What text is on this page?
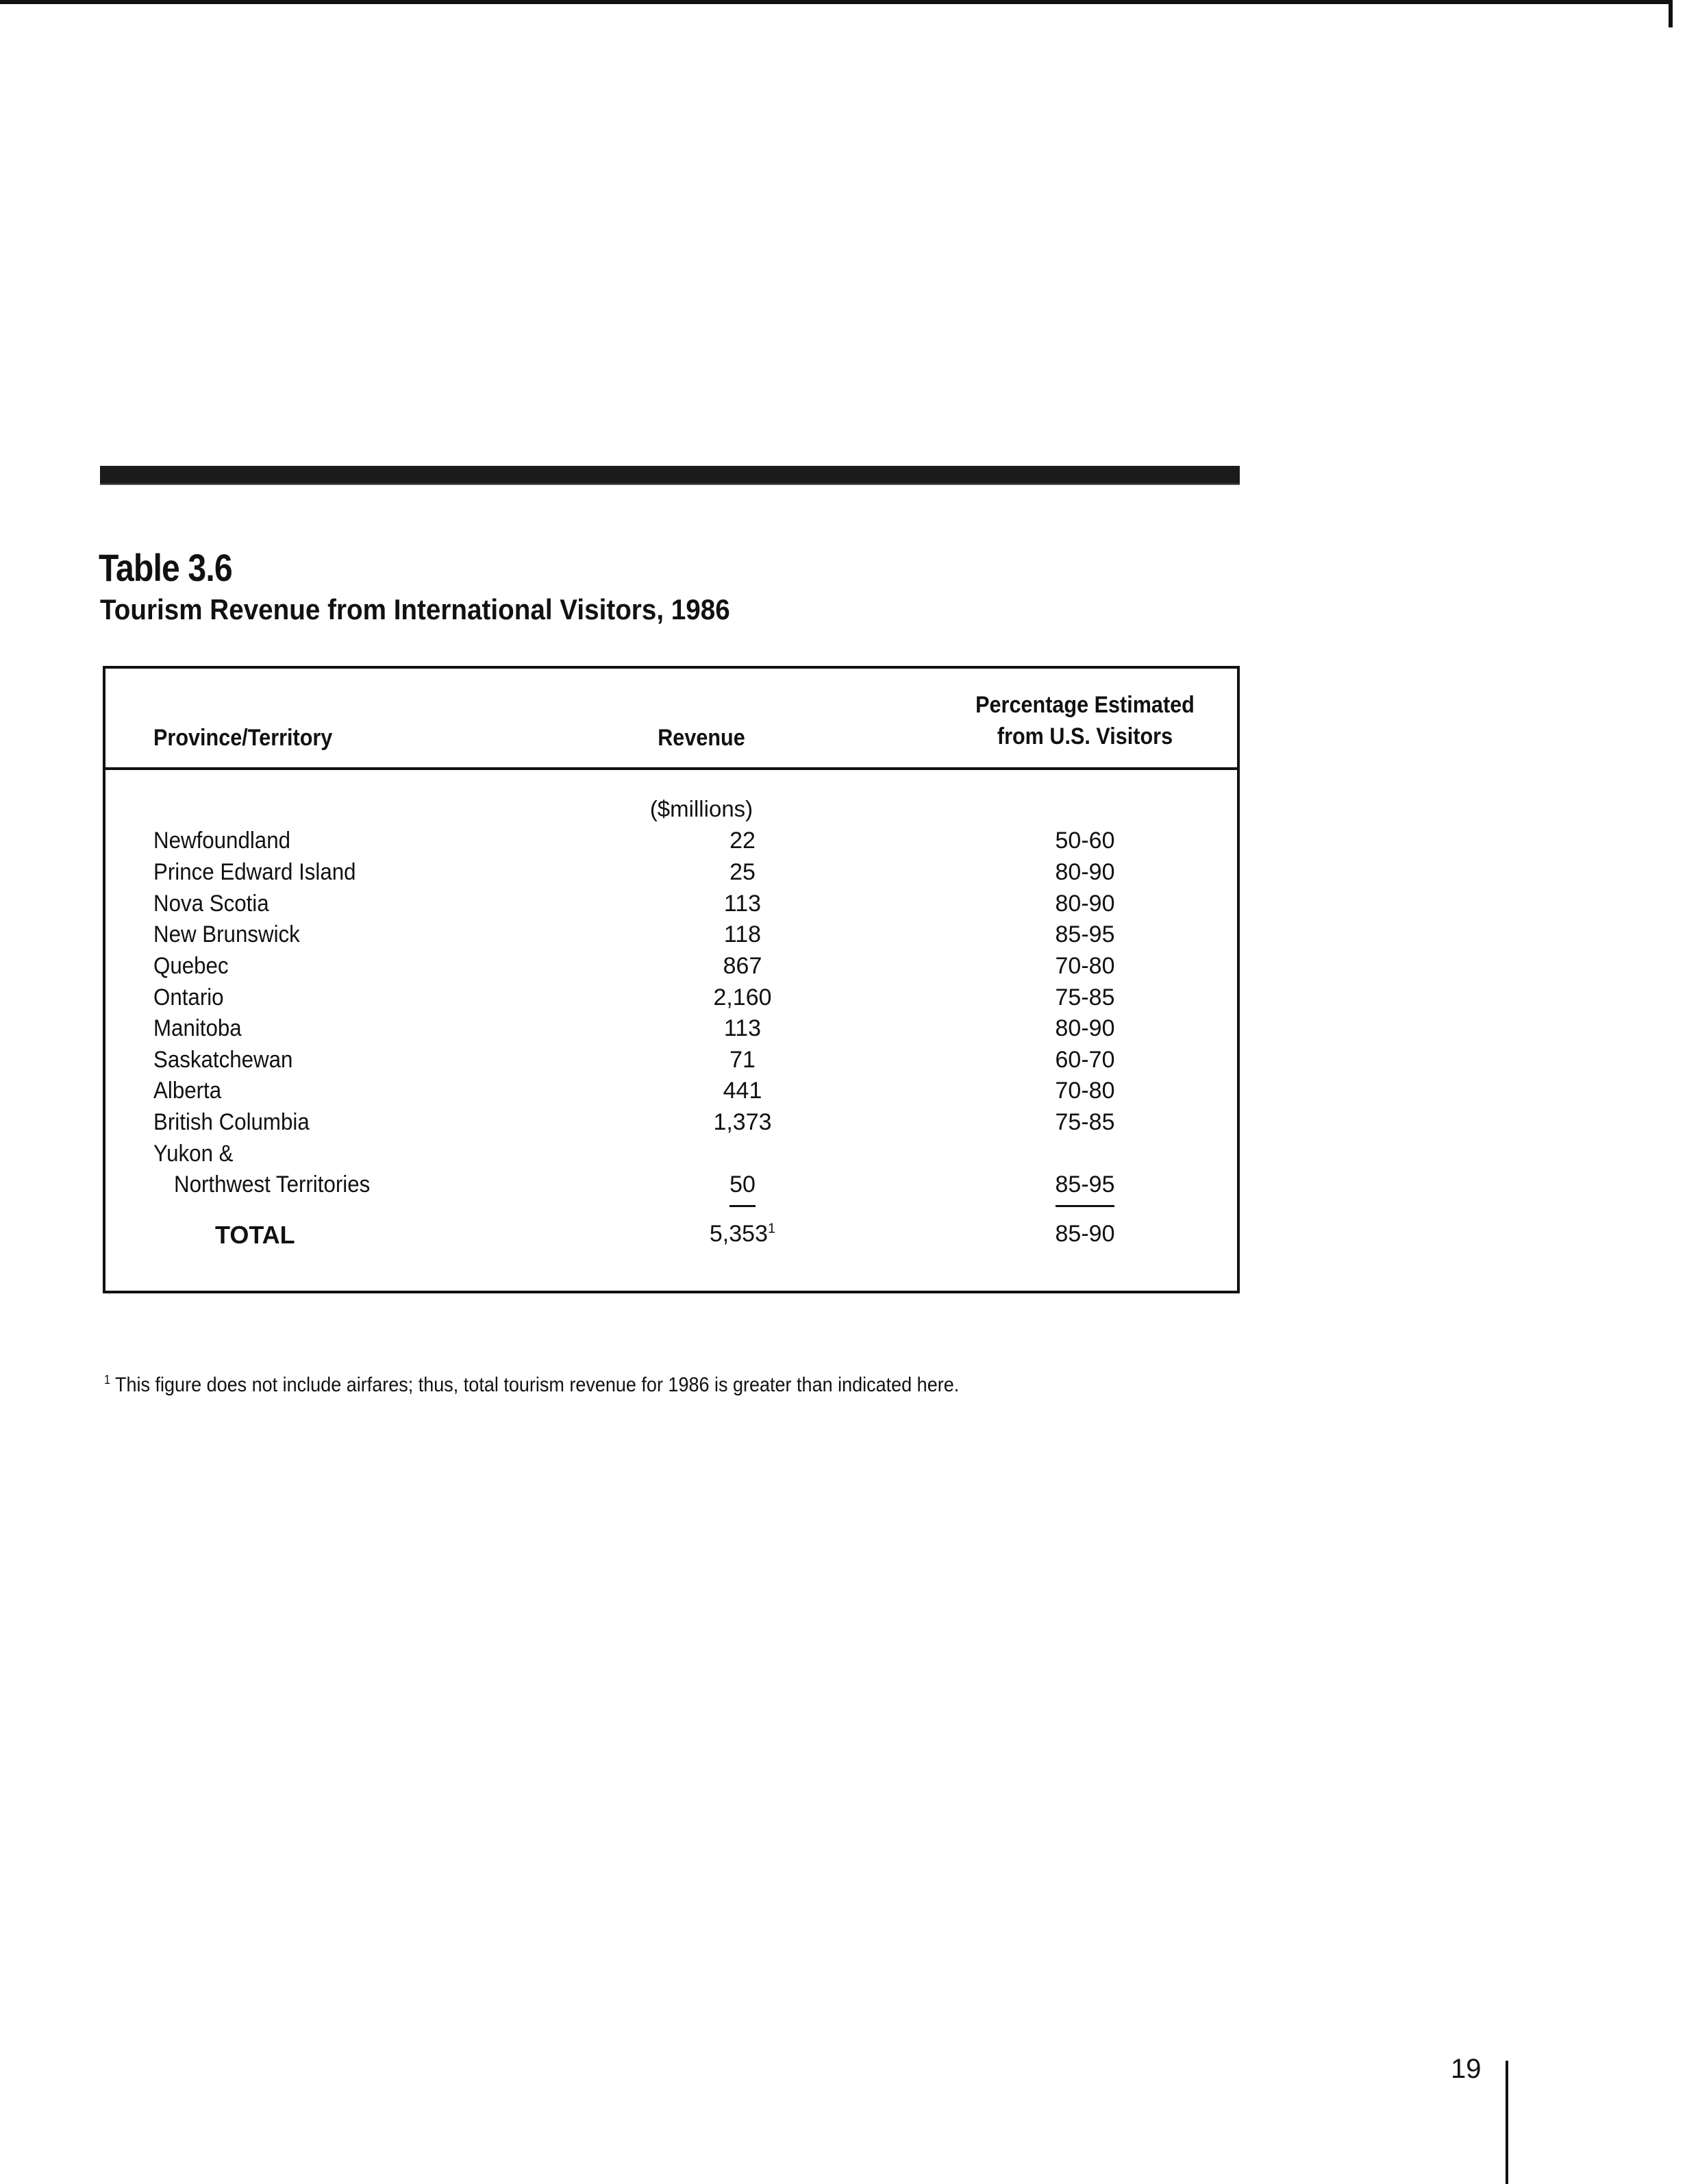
Table 3.6
Tourism Revenue from International Visitors, 1986
Province/Territory	Revenue
Percentage Estimated
from U.S. Visitors
($millions)
Newfoundland	22	50-60
Prince Edward Island	25	80-90
Nova Scotia	113	80-90
New Brunswick	118	85-95
Quebec	867	70-80
Ontario	2,160	75-85
Manitoba	113	80-90
Saskatchewan	71	60-70
Alberta	441	70-80
British Columbia	1,373	75-85
Yukon &
Northwest Territories	50	85-95
TOTAL	5,353$^1$	85-90
$^1$ This figure does not include airfares; thus, total tourism revenue for 1986 is greater than indicated here.
19
